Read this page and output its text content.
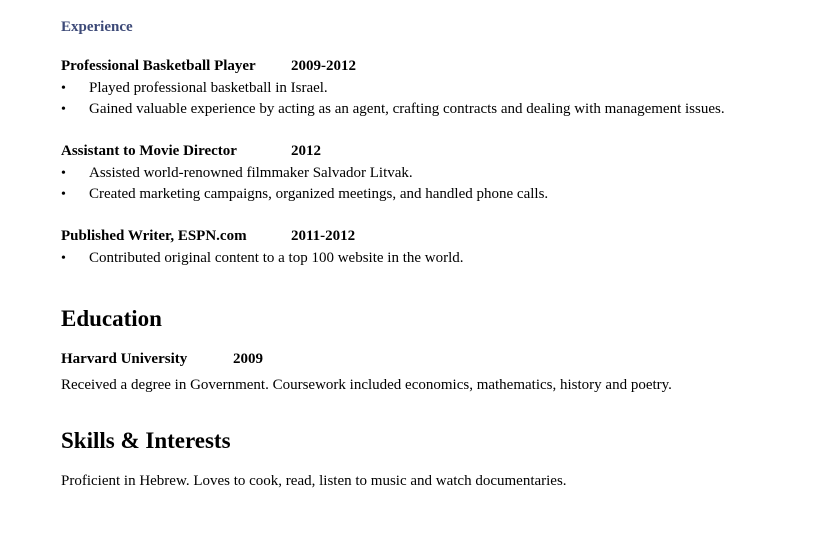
Experience
Professional Basketball Player 2009-2012
•	Played professional basketball in Israel.
•	Gained valuable experience by acting as an agent, crafting contracts and dealing with management issues.
Assistant to Movie Director	2012
•	Assisted world-renowned filmmaker Salvador Litvak.
•	Created marketing campaigns, organized meetings, and handled phone calls.
Published Writer, ESPN.com	2011-2012
•	Contributed original content to a top 100 website in the world.
Education
Harvard University	2009
Received a degree in Government. Coursework included economics, mathematics, history and poetry.
Skills & Interests
Proficient in Hebrew. Loves to cook, read, listen to music and watch documentaries.
